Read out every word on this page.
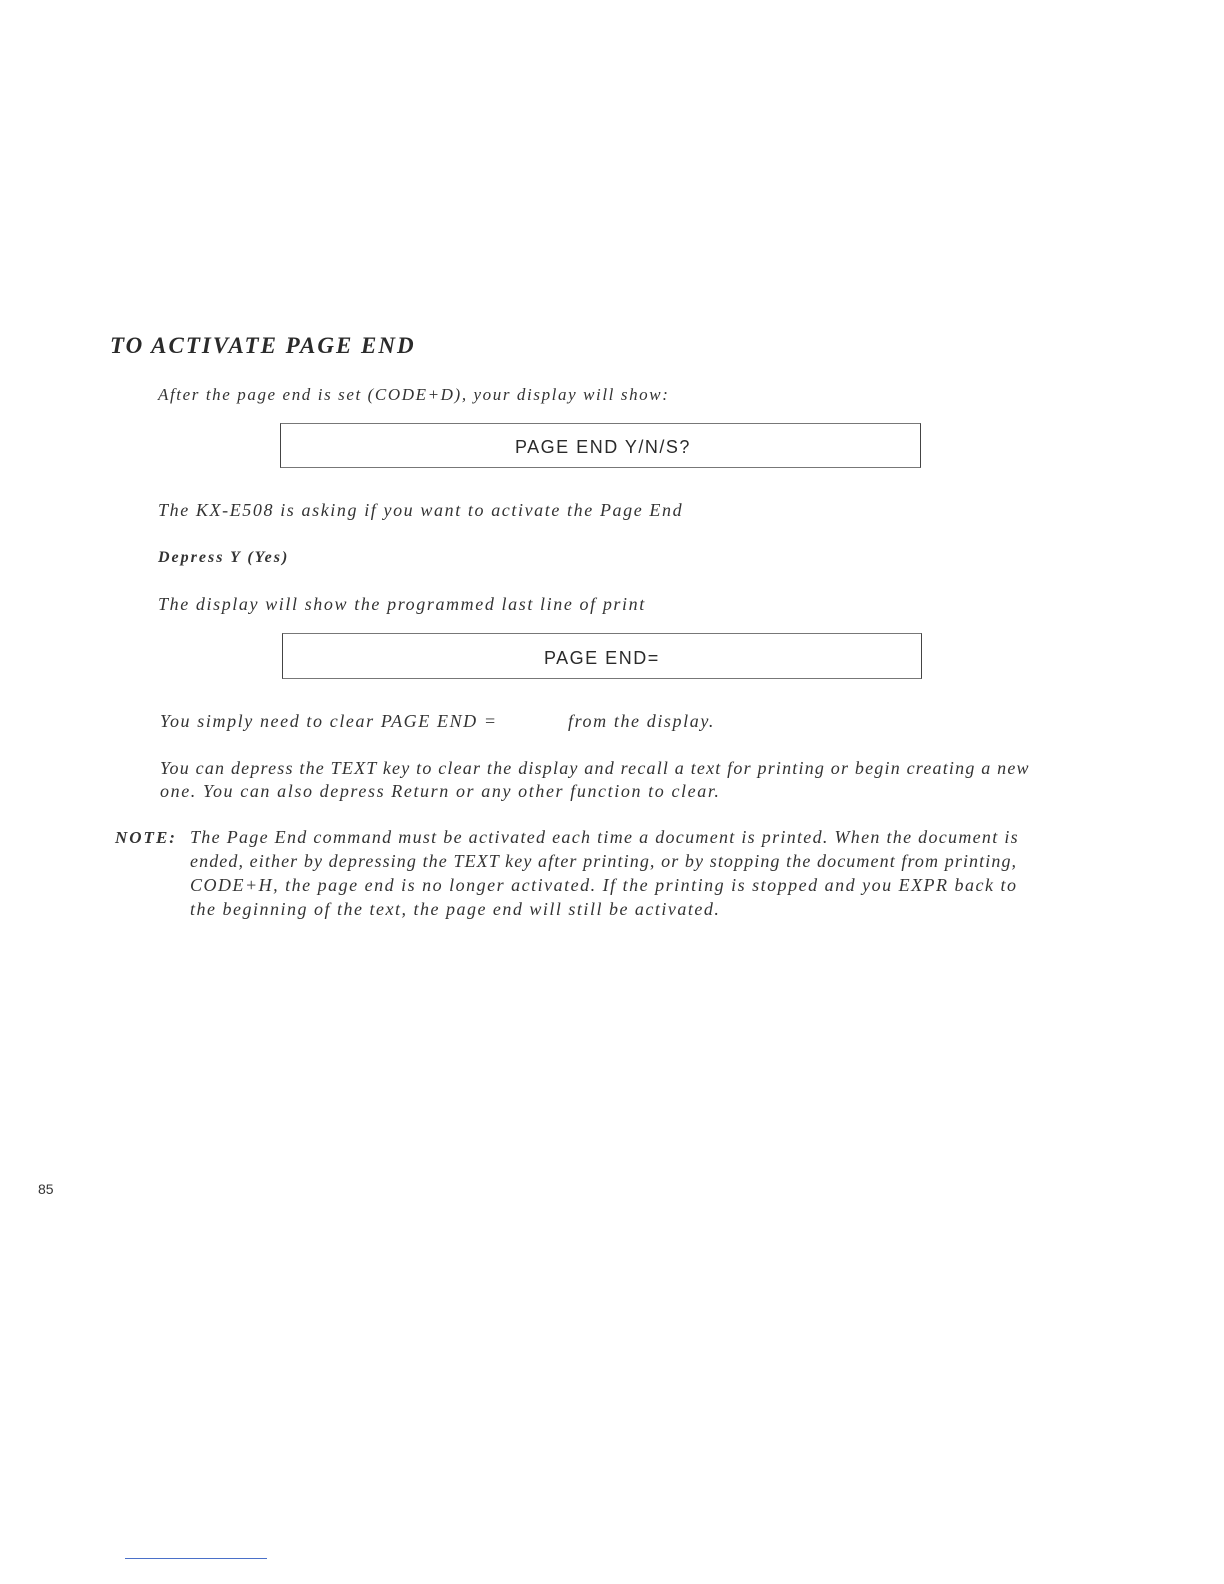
TO ACTIVATE PAGE END
After the page end is set (CODE+D), your display will show:
PAGE END Y/N/S?
The KX-E508 is asking if you want to activate the Page End
Depress Y (Yes)
The display will show the programmed last line of print
PAGE END=
You simply need to clear PAGE END =	from the display.
You can depress the TEXT key to clear the display and recall a text for printing or begin creating a new
one. You can also depress Return or any other function to clear.
NOTE: The Page End command must be activated each time a document is printed. When the document is
ended, either by depressing the TEXT key after printing, or by stopping the document from printing,
CODE+H, the page end is no longer activated. If the printing is stopped and you EXPR back to
the beginning of the text, the page end will still be activated.
85
